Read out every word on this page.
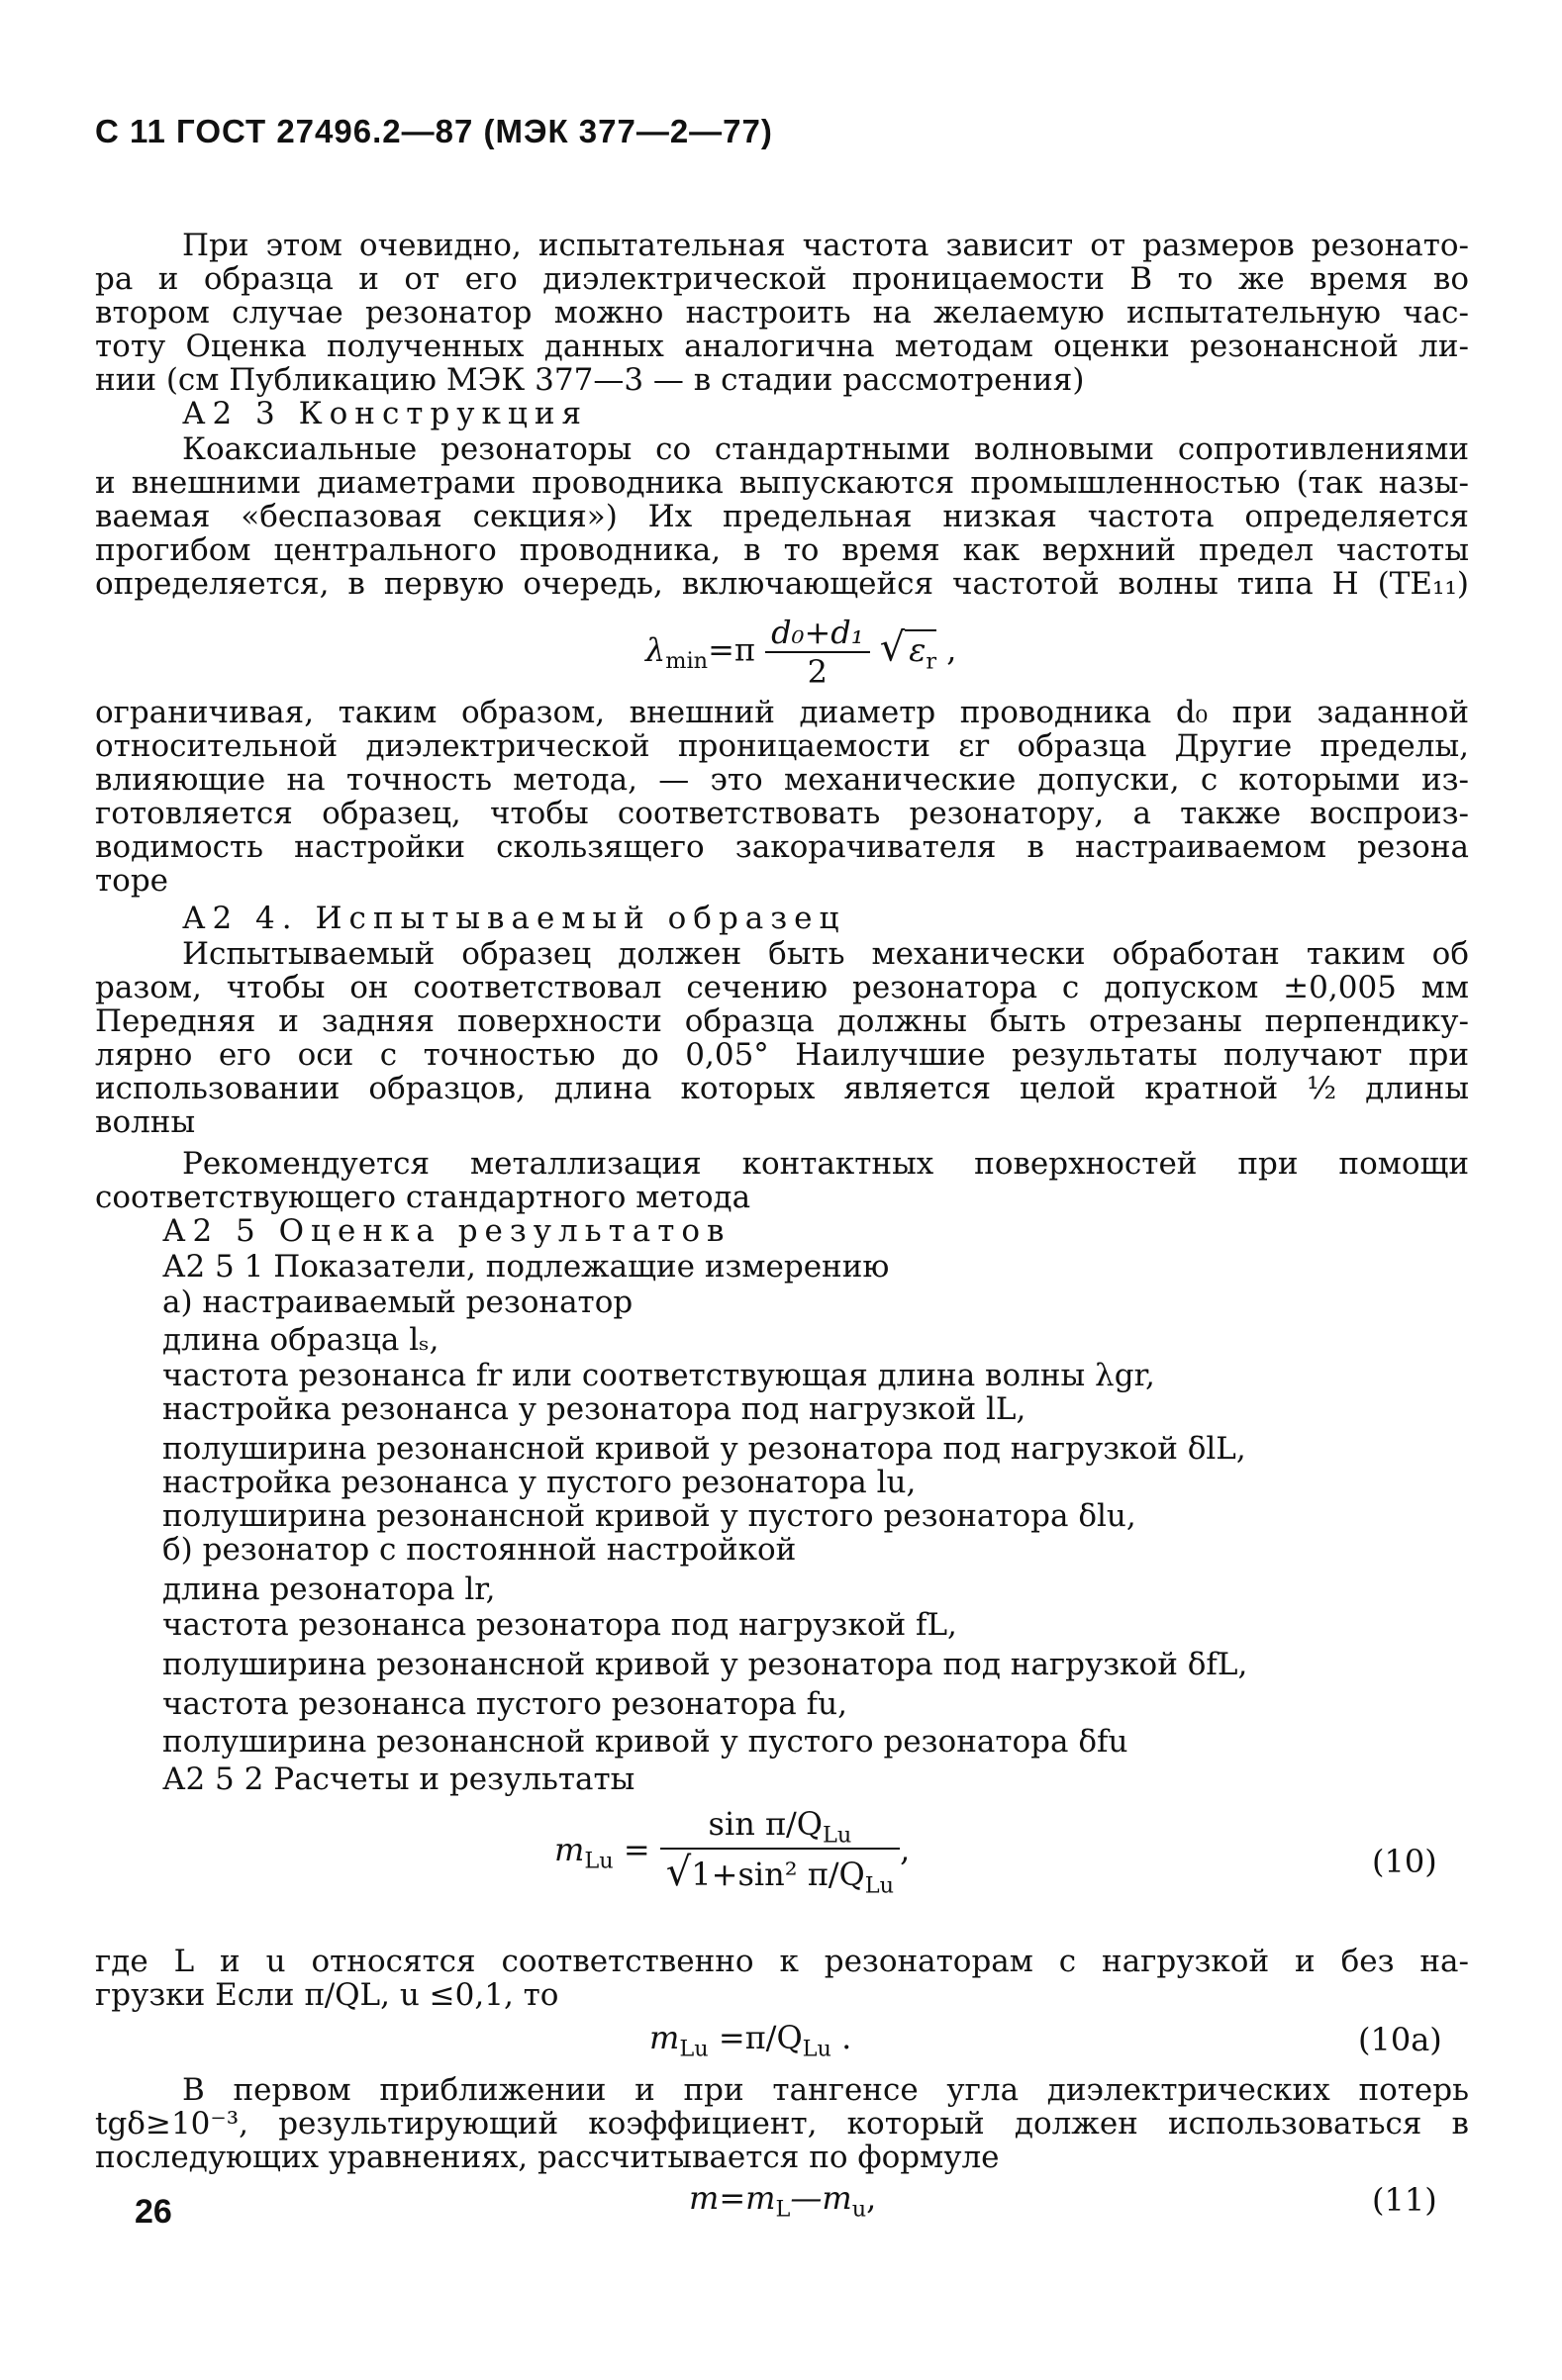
С 11 ГОСТ 27496.2—87 (МЭК 377—2—77)
При этом очевидно, испытательная частота зависит от размеров резонато-
ра и образца и от его диэлектрической проницаемости В то же время во
втором случае резонатор можно настроить на желаемую испытательную час-
тоту Оценка полученных данных аналогична методам оценки резонансной ли-
нии (см Публикацию МЭК 377—3 — в стадии рассмотрения)
А2 3 Конструкция
Коаксиальные резонаторы со стандартными волновыми сопротивлениями
и внешними диаметрами проводника выпускаются промышленностью (так назы-
ваемая «беспазовая секция») Их предельная низкая частота определяется
прогибом центрального проводника, в то время как верхний предел частоты
определяется, в первую очередь, включающейся частотой волны типа Н (ТЕ₁₁)
$\lambda_{min}=\pi \frac{\text{d₀+d₁}}{2}$ √ $\varepsilon_r$ ,
ограничивая, таким образом, внешний диаметр проводника d₀ при заданной
относительной диэлектрической проницаемости εr образца Другие пределы,
влияющие на точность метода, — это механические допуски, с которыми из-
готовляется образец, чтобы соответствовать резонатору, а также воспроиз-
водимость настройки скользящего закорачивателя в настраиваемом резона
торе
А2 4. Испытываемый образец
Испытываемый образец должен быть механически обработан таким об
разом, чтобы он соответствовал сечению резонатора с допуском ±0,005 мм
Передняя и задняя поверхности образца должны быть отрезаны перпендику-
лярно его оси с точностью до 0,05° Наилучшие результаты получают при
использовании образцов, длина которых является целой кратной ½ длины
волны
Рекомендуется металлизация контактных поверхностей при помощи
соответствующего стандартного метода
А2 5 Оценка результатов
А2 5 1 Показатели, подлежащие измерению
а) настраиваемый резонатор
длина образца lₛ,
частота резонанса fr или соответствующая длина волны λgr,
настройка резонанса у резонатора под нагрузкой lL,
полуширина резонансной кривой у резонатора под нагрузкой δlL,
настройка резонанса у пустого резонатора lu,
полуширина резонансной кривой у пустого резонатора δlu,
б) резонатор с постоянной настройкой
длина резонатора lr,
частота резонанса резонатора под нагрузкой fL,
полуширина резонансной кривой у резонатора под нагрузкой δfL,
частота резонанса пустого резонатора fu,
полуширина резонансной кривой у пустого резонатора δfu
А2 5 2 Расчеты и результаты
$m_{Lu} = \frac{\sin \pi/Q_{Lu}}{√1+\sin^2 \pi/Q_{Lu}}$ ,	(10)
где L и u относятся соответственно к резонаторам с нагрузкой и без на-
грузки Если π/QL, u ≤0,1, то
$m_{Lu} =\pi/Q_{Lu}$ .	(10a)
В первом приближении и при тангенсе угла диэлектрических потерь
tgδ≥10⁻³, результирующий коэффициент, который должен использоваться в
последующих уравнениях, рассчитывается по формуле
$m=m_L—m_u$,	(11)
26
